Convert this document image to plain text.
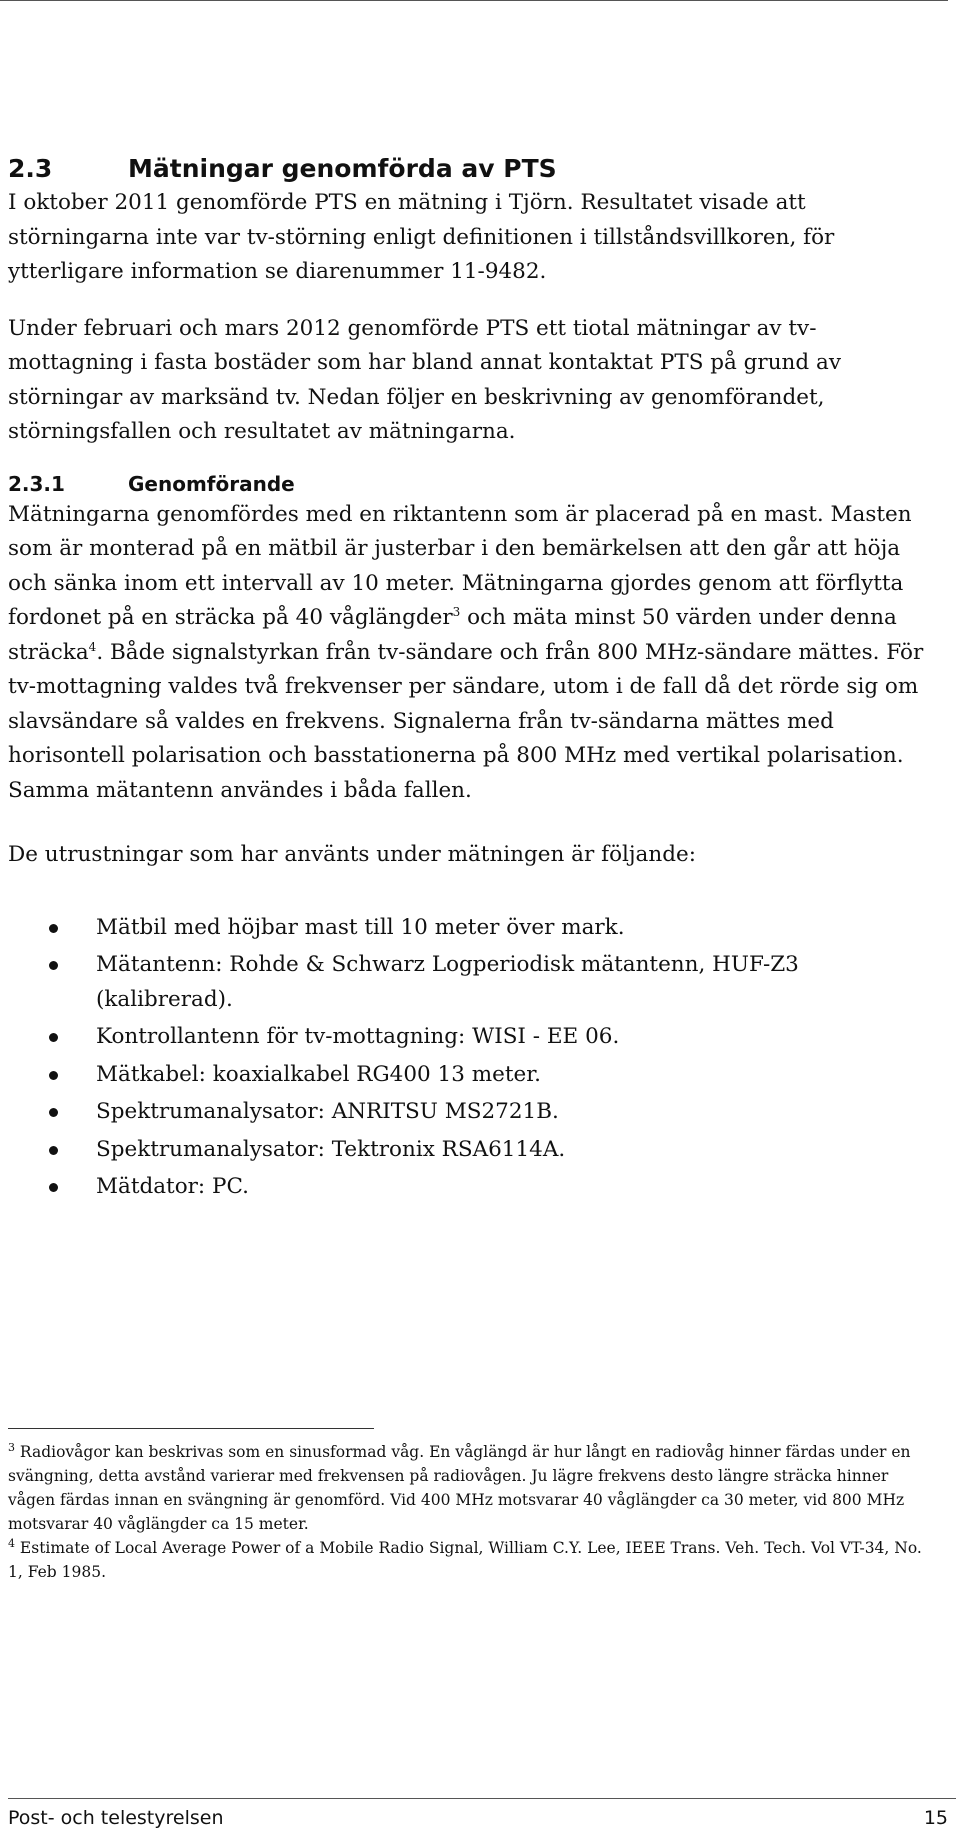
2.3	Mätningar genomförda av PTS

I oktober 2011 genomförde PTS en mätning i Tjörn. Resultatet visade att störningarna inte var tv-störning enligt definitionen i tillståndsvillkoren, för ytterligare information se diarenummer 11-9482.

Under februari och mars 2012 genomförde PTS ett tiotal mätningar av tv-mottagning i fasta bostäder som har bland annat kontaktat PTS på grund av störningar av marksänd tv. Nedan följer en beskrivning av genomförandet, störningsfallen och resultatet av mätningarna.

2.3.1	Genomförande

Mätningarna genomfördes med en riktantenn som är placerad på en mast. Masten som är monterad på en mätbil är justerbar i den bemärkelsen att den går att höja och sänka inom ett intervall av 10 meter. Mätningarna gjordes genom att förflytta fordonet på en sträcka på 40 våglängder$^3$ och mäta minst 50 värden under denna sträcka$^4$. Både signalstyrkan från tv-sändare och från 800 MHz-sändare mättes. För tv-mottagning valdes två frekvenser per sändare, utom i de fall då det rörde sig om slavsändare så valdes en frekvens. Signalerna från tv-sändarna mättes med horisontell polarisation och basstationerna på 800 MHz med vertikal polarisation. Samma mätantenn användes i båda fallen.

De utrustningar som har använts under mätningen är följande:

Mätbil med höjbar mast till 10 meter över mark.
Mätantenn: Rohde & Schwarz Logperiodisk mätantenn, HUF-Z3 (kalibrerad).
Kontrollantenn för tv-mottagning: WISI - EE 06.
Mätkabel: koaxialkabel RG400 13 meter.
Spektrumanalysator: ANRITSU MS2721B.
Spektrumanalysator: Tektronix RSA6114A.
Mätdator: PC.

$^3$ Radiovågor kan beskrivas som en sinusformad våg. En våglängd är hur långt en radiovåg hinner färdas under en svängning, detta avstånd varierar med frekvensen på radiovågen. Ju lägre frekvens desto längre sträcka hinner vågen färdas innan en svängning är genomförd. Vid 400 MHz motsvarar 40 våglängder ca 30 meter, vid 800 MHz motsvarar 40 våglängder ca 15 meter.

$^4$ Estimate of Local Average Power of a Mobile Radio Signal, William C.Y. Lee, IEEE Trans. Veh. Tech. Vol VT-34, No. 1, Feb 1985.

Post- och telestyrelsen	15
